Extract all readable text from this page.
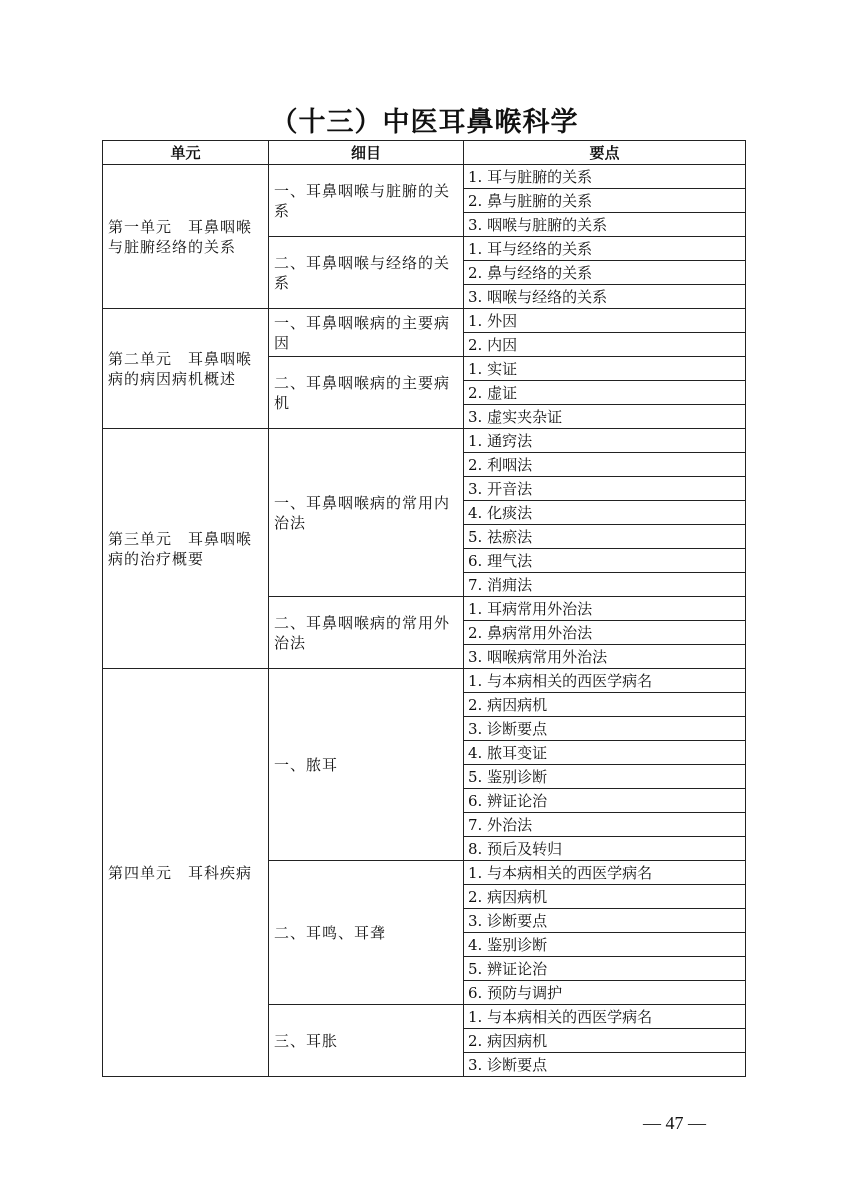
（十三）中医耳鼻喉科学
单元	细目	要点
第一单元　耳鼻咽喉与脏腑经络的关系	一、耳鼻咽喉与脏腑的关系	1. 耳与脏腑的关系
		2. 鼻与脏腑的关系
		3. 咽喉与脏腑的关系
	二、耳鼻咽喉与经络的关系	1. 耳与经络的关系
		2. 鼻与经络的关系
		3. 咽喉与经络的关系
第二单元　耳鼻咽喉病的病因病机概述	一、耳鼻咽喉病的主要病因	1. 外因
		2. 内因
	二、耳鼻咽喉病的主要病机	1. 实证
		2. 虚证
		3. 虚实夹杂证
第三单元　耳鼻咽喉病的治疗概要	一、耳鼻咽喉病的常用内治法	1. 通窍法
		2. 利咽法
		3. 开音法
		4. 化痰法
		5. 祛瘀法
		6. 理气法
		7. 消痈法
	二、耳鼻咽喉病的常用外治法	1. 耳病常用外治法
		2. 鼻病常用外治法
		3. 咽喉病常用外治法
第四单元　耳科疾病	一、脓耳	1. 与本病相关的西医学病名
		2. 病因病机
		3. 诊断要点
		4. 脓耳变证
		5. 鉴别诊断
		6. 辨证论治
		7. 外治法
		8. 预后及转归
	二、耳鸣、耳聋	1. 与本病相关的西医学病名
		2. 病因病机
		3. 诊断要点
		4. 鉴别诊断
		5. 辨证论治
		6. 预防与调护
	三、耳胀	1. 与本病相关的西医学病名
		2. 病因病机
		3. 诊断要点
— 47 —
